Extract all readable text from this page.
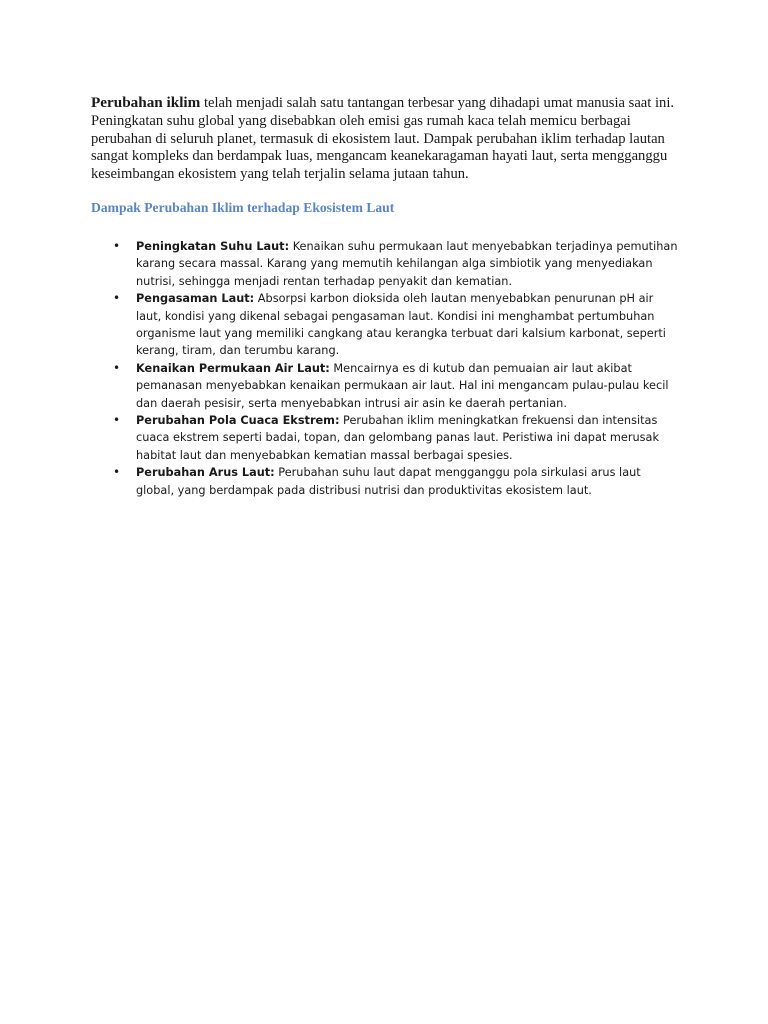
Perubahan iklim telah menjadi salah satu tantangan terbesar yang dihadapi umat manusia saat ini. Peningkatan suhu global yang disebabkan oleh emisi gas rumah kaca telah memicu berbagai perubahan di seluruh planet, termasuk di ekosistem laut. Dampak perubahan iklim terhadap lautan sangat kompleks dan berdampak luas, mengancam keanekaragaman hayati laut, serta mengganggu keseimbangan ekosistem yang telah terjalin selama jutaan tahun.

Dampak Perubahan Iklim terhadap Ekosistem Laut
• Peningkatan Suhu Laut: Kenaikan suhu permukaan laut menyebabkan terjadinya pemutihan karang secara massal. Karang yang memutih kehilangan alga simbiotik yang menyediakan nutrisi, sehingga menjadi rentan terhadap penyakit dan kematian.
• Pengasaman Laut: Absorpsi karbon dioksida oleh lautan menyebabkan penurunan pH air laut, kondisi yang dikenal sebagai pengasaman laut. Kondisi ini menghambat pertumbuhan organisme laut yang memiliki cangkang atau kerangka terbuat dari kalsium karbonat, seperti kerang, tiram, dan terumbu karang.
• Kenaikan Permukaan Air Laut: Mencairnya es di kutub dan pemuaian air laut akibat pemanasan menyebabkan kenaikan permukaan air laut. Hal ini mengancam pulau-pulau kecil dan daerah pesisir, serta menyebabkan intrusi air asin ke daerah pertanian.
• Perubahan Pola Cuaca Ekstrem: Perubahan iklim meningkatkan frekuensi dan intensitas cuaca ekstrem seperti badai, topan, dan gelombang panas laut. Peristiwa ini dapat merusak habitat laut dan menyebabkan kematian massal berbagai spesies.
• Perubahan Arus Laut: Perubahan suhu laut dapat mengganggu pola sirkulasi arus laut global, yang berdampak pada distribusi nutrisi dan produktivitas ekosistem laut.
